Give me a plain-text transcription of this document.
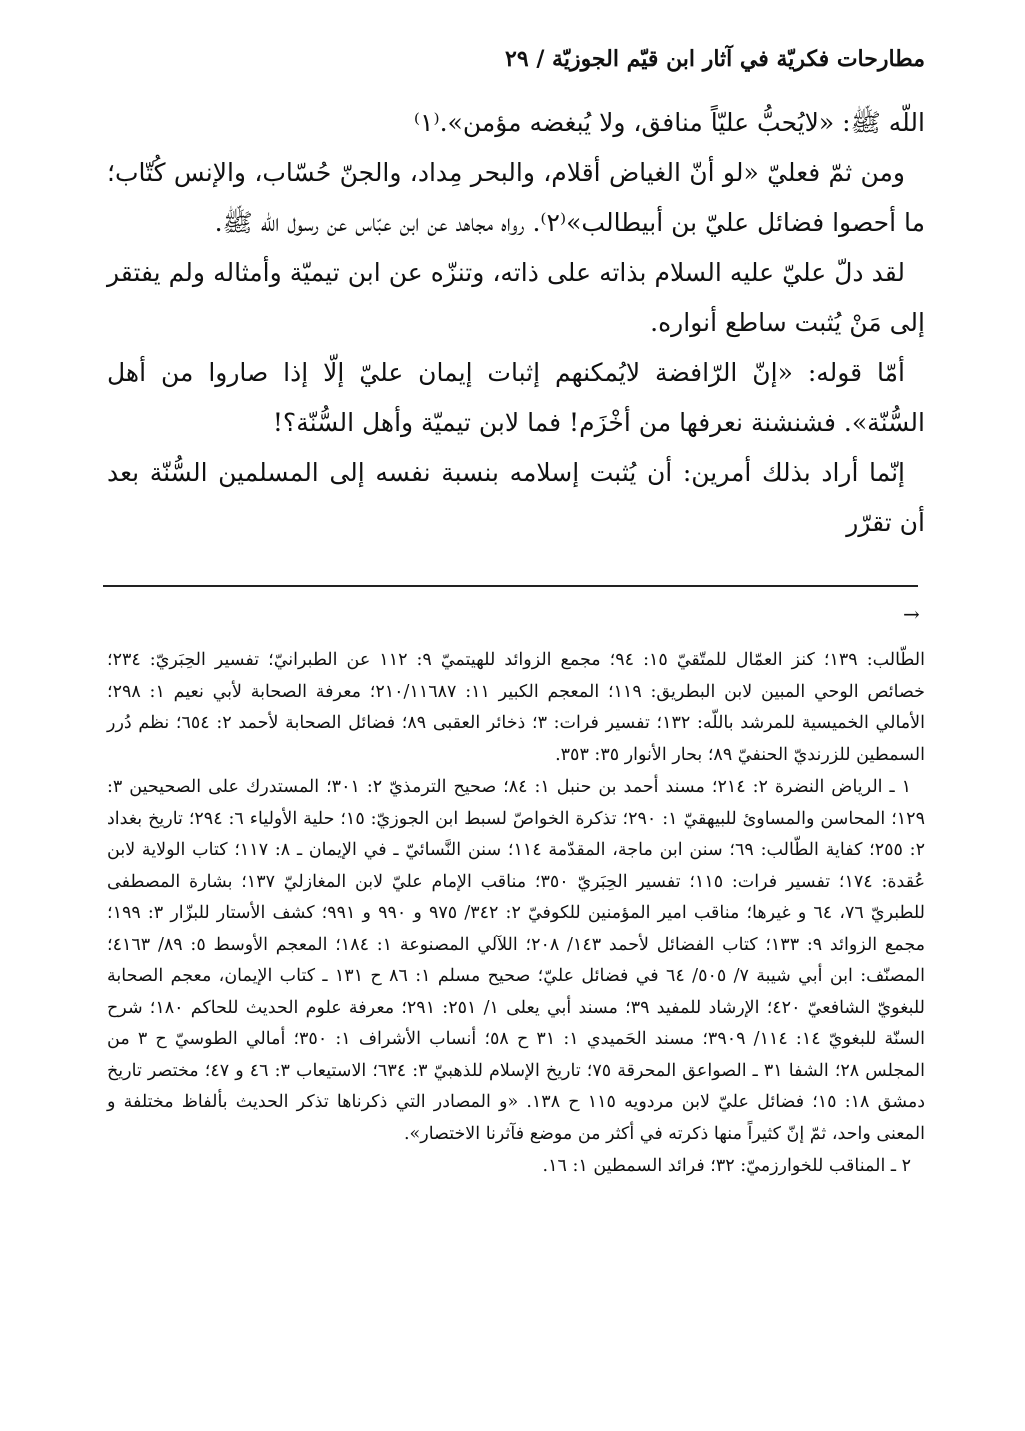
مطارحات فكريّة في آثار ابن قيّم الجوزيّة / ٢٩

اللّه ﷺ: «لايُحبُّ عليّاً منافق، ولا يُبغضه مؤمن».⁽١⁾

ومن ثمّ فعليّ «لو أنّ الغياض أقلام، والبحر مِداد، والجنّ حُسّاب، والإنس كُتّاب؛ ما أحصوا فضائل عليّ بن أبيطالب»⁽٢⁾. رواه مجاهد عن ابن عبّاس عن رسول اللّه ﷺ.

لقد دلّ عليّ عليه السلام بذاته على ذاته، وتنزّه عن ابن تيميّة وأمثاله ولم يفتقر إلى مَنْ يُثبت ساطع أنواره.

أمّا قوله: «إنّ الرّافضة لايُمكنهم إثبات إيمان عليّ إلّا إذا صاروا من أهل السُّنّة». فشنشنة نعرفها من أخْزَم! فما لابن تيميّة وأهل السُّنّة؟!

إنّما أراد بذلك أمرين: أن يُثبت إسلامه بنسبة نفسه إلى المسلمين السُّنّة بعد أن تقرّر

→

الطّالب: ١٣٩؛ كنز العمّال للمتّقيّ ١٥: ٩٤؛ مجمع الزوائد للهيتميّ ٩: ١١٢ عن الطبرانيّ؛ تفسير الحِبَريّ: ٢٣٤؛ خصائص الوحي المبين لابن البطريق: ١١٩؛ المعجم الكبير ١١: ٢١٠/١١٦٨٧؛ معرفة الصحابة لأبي نعيم ١: ٢٩٨؛ الأمالي الخميسية للمرشد باللّه: ١٣٢؛ تفسير فرات: ٣؛ ذخائر العقبى ٨٩؛ فضائل الصحابة لأحمد ٢: ٦٥٤؛ نظم دُرر السمطين للزرنديّ الحنفيّ ٨٩؛ بحار الأنوار ٣٥: ٣٥٣.

١ ـ الرياض النضرة ٢: ٢١٤؛ مسند أحمد بن حنبل ١: ٨٤؛ صحيح الترمذيّ ٢: ٣٠١؛ المستدرك على الصحيحين ٣: ١٢٩؛ المحاسن والمساوئ للبيهقيّ ١: ٢٩٠؛ تذكرة الخواصّ لسبط ابن الجوزيّ: ١٥؛ حلية الأولياء ٦: ٢٩٤؛ تاريخ بغداد ٢: ٢٥٥؛ كفاية الطّالب: ٦٩؛ سنن ابن ماجة، المقدّمة ١١٤؛ سنن النَّسائيّ ـ في الإيمان ـ ٨: ١١٧؛ كتاب الولاية لابن عُقدة: ١٧٤؛ تفسير فرات: ١١٥؛ تفسير الحِبَريّ ٣٥٠؛ مناقب الإمام عليّ لابن المغازليّ ١٣٧؛ بشارة المصطفى للطبريّ ٧٦، ٦٤ و غيرها؛ مناقب امير المؤمنين للكوفيّ ٢: ٣٤٢/ ٩٧٥ و ٩٩٠ و ٩٩١؛ كشف الأستار للبزّار ٣: ١٩٩؛ مجمع الزوائد ٩: ١٣٣؛ كتاب الفضائل لأحمد ١٤٣/ ٢٠٨؛ اللآلي المصنوعة ١: ١٨٤؛ المعجم الأوسط ٥: ٨٩/ ٤١٦٣؛ المصنّف: ابن أبي شيبة ٧/ ٥٠٥/ ٦٤ في فضائل عليّ؛ صحيح مسلم ١: ٨٦ ح ١٣١ ـ كتاب الإيمان، معجم الصحابة للبغويّ الشافعيّ ٤٢٠؛ الإرشاد للمفيد ٣٩؛ مسند أبي يعلى ١/ ٢٥١: ٢٩١؛ معرفة علوم الحديث للحاكم ١٨٠؛ شرح السنّة للبغويّ ١٤: ١١٤/ ٣٩٠٩؛ مسند الحَميدي ١: ٣١ ح ٥٨؛ أنساب الأشراف ١: ٣٥٠؛ أمالي الطوسيّ ح ٣ من المجلس ٢٨؛ الشفا ٣١ ـ الصواعق المحرقة ٧٥؛ تاريخ الإسلام للذهبيّ ٣: ٦٣٤؛ الاستيعاب ٣: ٤٦ و ٤٧؛ مختصر تاريخ دمشق ١٨: ١٥؛ فضائل عليّ لابن مردويه ١١٥ ح ١٣٨. «و المصادر التي ذكرناها تذكر الحديث بألفاظ مختلفة و المعنى واحد، ثمّ إنّ كثيراً منها ذكرته في أكثر من موضع فآثرنا الاختصار».

٢ ـ المناقب للخوارزميّ: ٣٢؛ فرائد السمطين ١: ١٦.
